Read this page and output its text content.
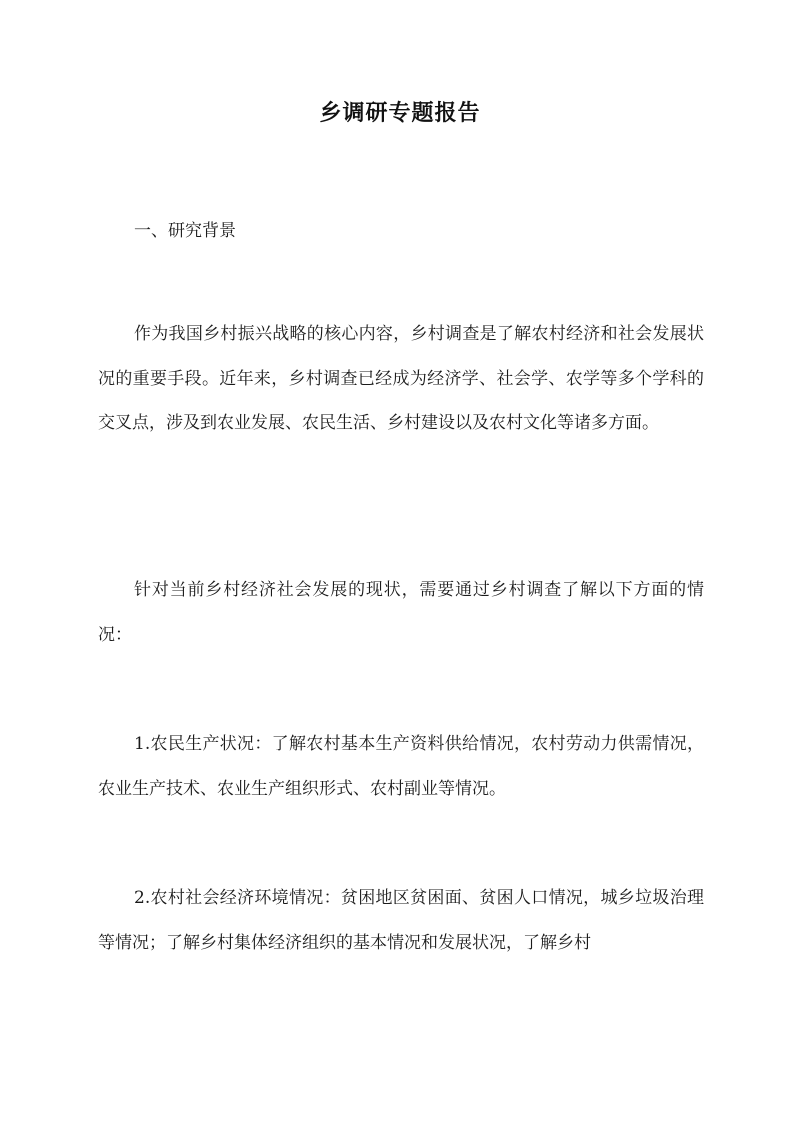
乡调研专题报告
一、研究背景

作为我国乡村振兴战略的核心内容，乡村调查是了解农村经济和社会发展状况的重要手段。近年来，乡村调查已经成为经济学、社会学、农学等多个学科的交叉点，涉及到农业发展、农民生活、乡村建设以及农村文化等诸多方面。

针对当前乡村经济社会发展的现状，需要通过乡村调查了解以下方面的情况：

1.农民生产状况：了解农村基本生产资料供给情况，农村劳动力供需情况，农业生产技术、农业生产组织形式、农村副业等情况。

2.农村社会经济环境情况：贫困地区贫困面、贫困人口情况，城乡垃圾治理等情况；了解乡村集体经济组织的基本情况和发展状况，了解乡村
